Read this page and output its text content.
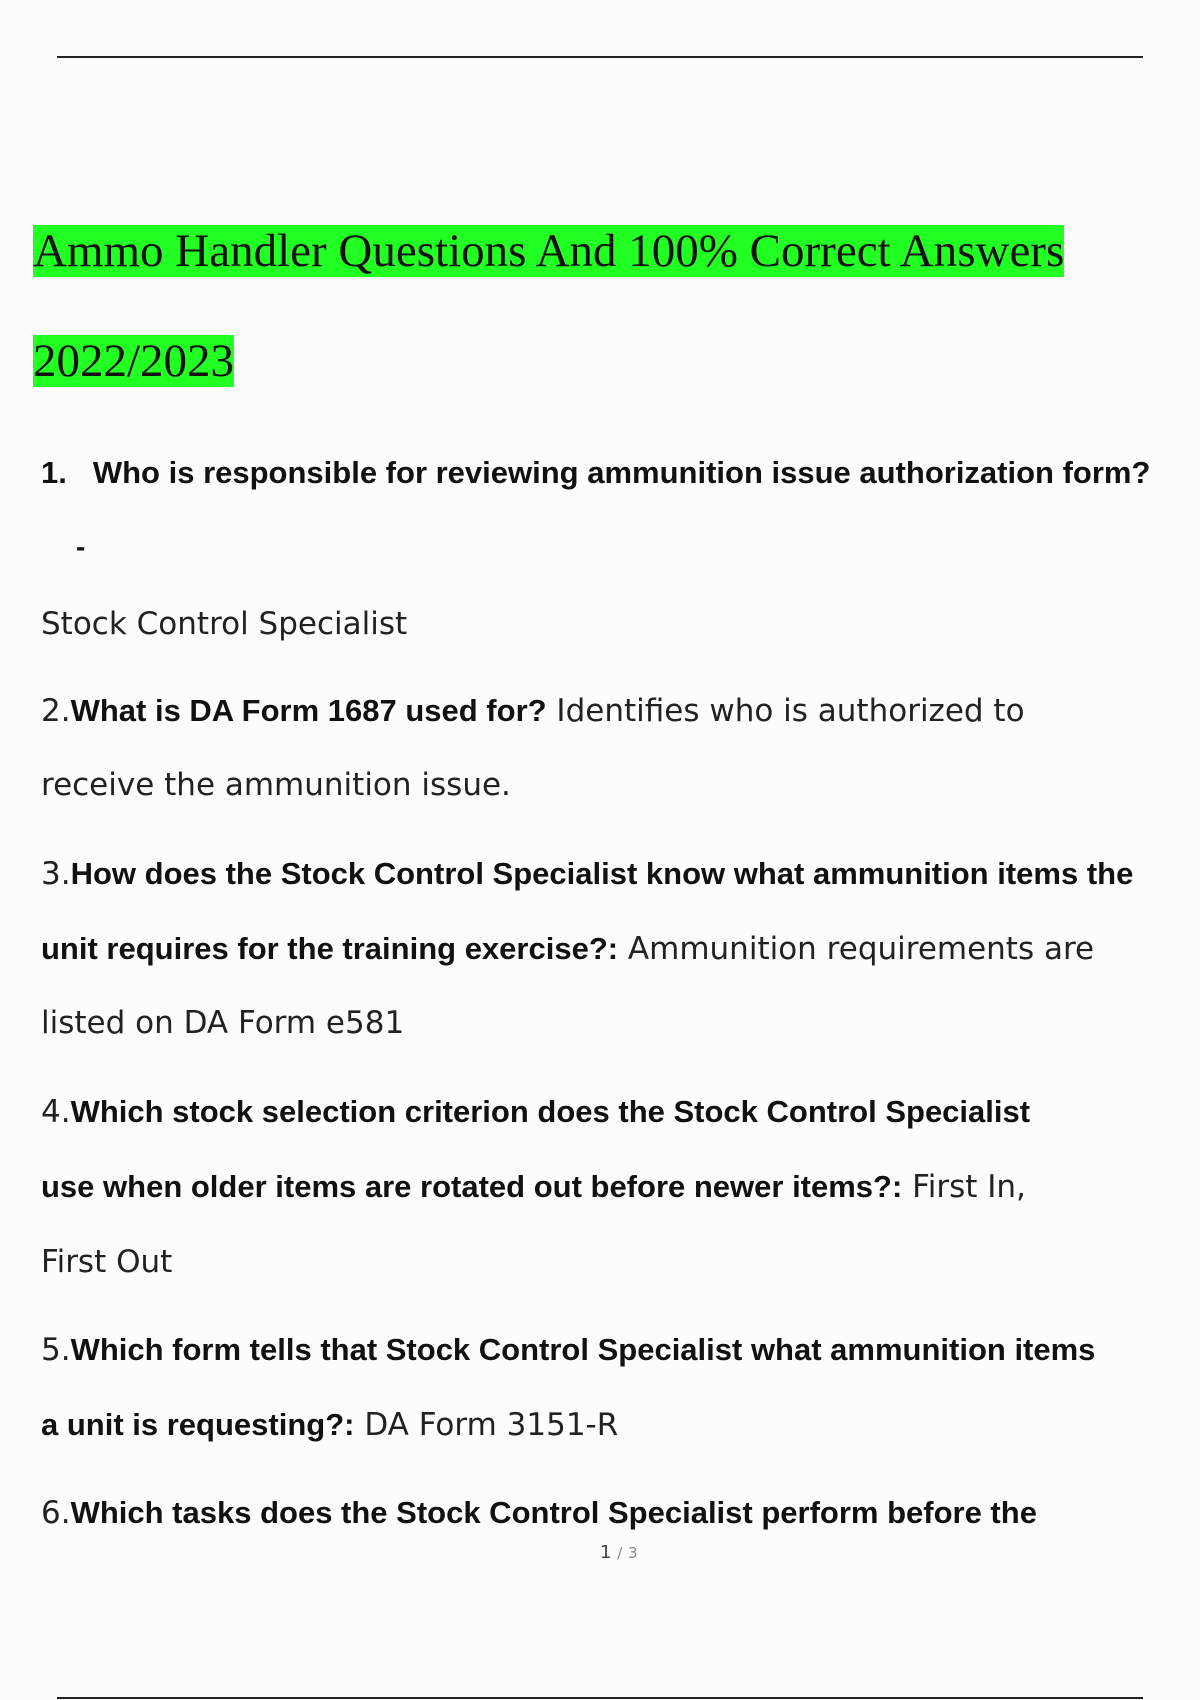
Ammo Handler Questions And 100% Correct Answers
2022/2023
1. Who is responsible for reviewing ammunition issue authorization form?
-
Stock Control Specialist
2.What is DA Form 1687 used for? Identifies who is authorized to
receive the ammunition issue.
3.How does the Stock Control Specialist know what ammunition items the
unit requires for the training exercise?: Ammunition requirements are
listed on DA Form e581
4.Which stock selection criterion does the Stock Control Specialist
use when older items are rotated out before newer items?: First In,
First Out
5.Which form tells that Stock Control Specialist what ammunition items
a unit is requesting?: DA Form 3151-R
6.Which tasks does the Stock Control Specialist perform before the
1 / 3
